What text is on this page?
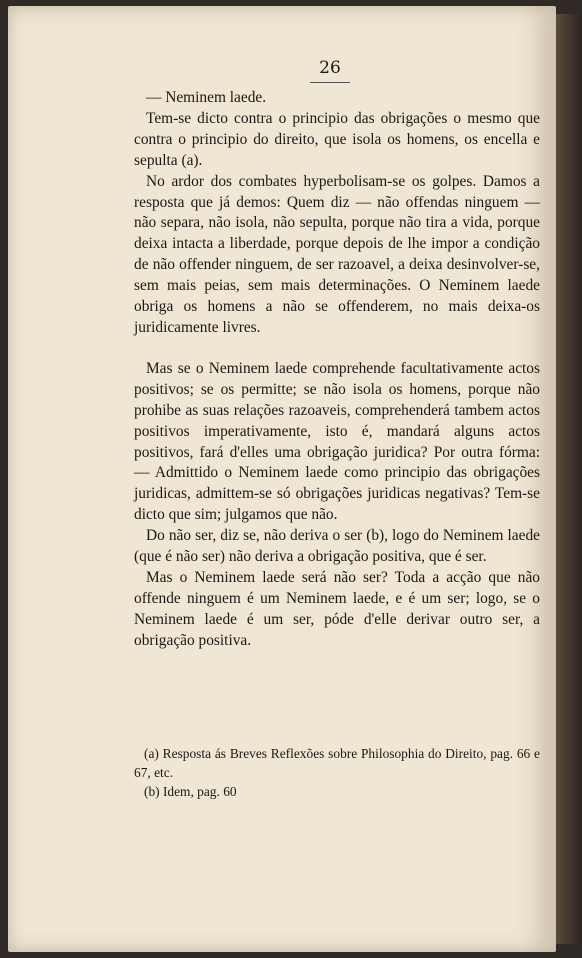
26

— Neminem laede.

Tem-se dicto contra o principio das obrigações o mesmo que contra o principio do direito, que isola os homens, os encella e sepulta (a).

No ardor dos combates hyperbolisam-se os golpes. Damos a resposta que já demos: Quem diz — não offendas ninguem — não separa, não isola, não sepulta, porque não tira a vida, porque deixa intacta a liberdade, porque depois de lhe impor a condição de não offender ninguem, de ser razoavel, a deixa desinvolver-se, sem mais peias, sem mais determinações. O Neminem laede obriga os homens a não se offenderem, no mais deixa-os juridicamente livres.

Mas se o Neminem laede comprehende facultativamente actos positivos; se os permitte; se não isola os homens, porque não prohibe as suas relações razoaveis, comprehenderá tambem actos positivos imperativamente, isto é, mandará alguns actos positivos, fará d'elles uma obrigação juridica? Por outra fórma: — Admittido o Neminem laede como principio das obrigações juridicas, admittem-se só obrigações juridicas negativas? Tem-se dicto que sim; julgamos que não.

Do não ser, diz se, não deriva o ser (b), logo do Neminem laede (que é não ser) não deriva a obrigação positiva, que é ser.

Mas o Neminem laede será não ser? Toda a acção que não offende ninguem é um Neminem laede, e é um ser; logo, se o Neminem laede é um ser, póde d'elle derivar outro ser, a obrigação positiva.

(a) Resposta ás Breves Reflexões sobre Philosophia do Direito, pag. 66 e 67, etc.

(b) Idem, pag. 60
